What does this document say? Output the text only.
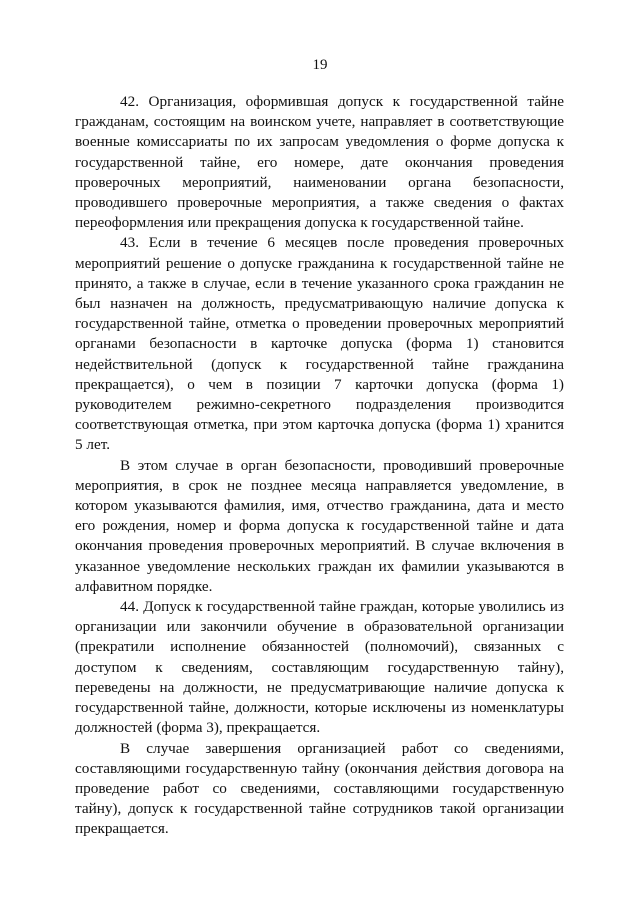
19

42. Организация, оформившая допуск к государственной тайне гражданам, состоящим на воинском учете, направляет в соответствующие военные комиссариаты по их запросам уведомления о форме допуска к государственной тайне, его номере, дате окончания проведения проверочных мероприятий, наименовании органа безопасности, проводившего проверочные мероприятия, а также сведения о фактах переоформления или прекращения допуска к государственной тайне.

43. Если в течение 6 месяцев после проведения проверочных мероприятий решение о допуске гражданина к государственной тайне не принято, а также в случае, если в течение указанного срока гражданин не был назначен на должность, предусматривающую наличие допуска к государственной тайне, отметка о проведении проверочных мероприятий органами безопасности в карточке допуска (форма 1) становится недействительной (допуск к государственной тайне гражданина прекращается), о чем в позиции 7 карточки допуска (форма 1) руководителем режимно-секретного подразделения производится соответствующая отметка, при этом карточка допуска (форма 1) хранится 5 лет.

В этом случае в орган безопасности, проводивший проверочные мероприятия, в срок не позднее месяца направляется уведомление, в котором указываются фамилия, имя, отчество гражданина, дата и место его рождения, номер и форма допуска к государственной тайне и дата окончания проведения проверочных мероприятий. В случае включения в указанное уведомление нескольких граждан их фамилии указываются в алфавитном порядке.

44. Допуск к государственной тайне граждан, которые уволились из организации или закончили обучение в образовательной организации (прекратили исполнение обязанностей (полномочий), связанных с доступом к сведениям, составляющим государственную тайну), переведены на должности, не предусматривающие наличие допуска к государственной тайне, должности, которые исключены из номенклатуры должностей (форма 3), прекращается.

В случае завершения организацией работ со сведениями, составляющими государственную тайну (окончания действия договора на проведение работ со сведениями, составляющими государственную тайну), допуск к государственной тайне сотрудников такой организации прекращается.
